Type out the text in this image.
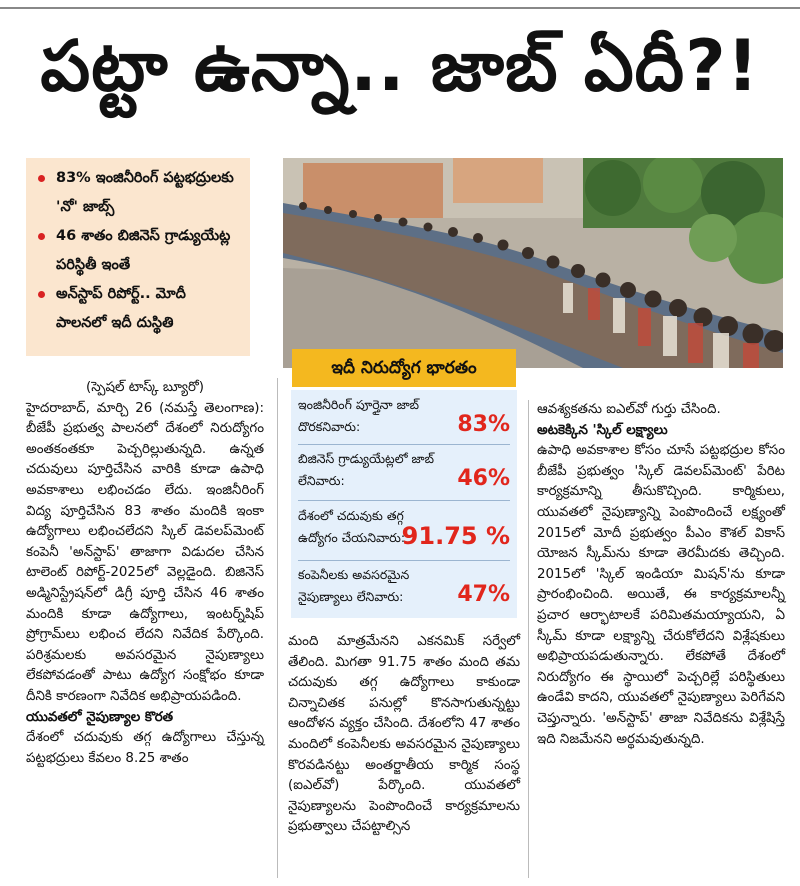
పట్టా ఉన్నా.. జాబ్ ఏదీ?!

83% ఇంజినీరింగ్ పట్టభద్రులకు 'నో' జాబ్స్

46 శాతం బిజినెస్ గ్రాడ్యుయేట్ల పరిస్థితీ ఇంతే

అన్‌స్టాప్ రిపోర్ట్.. మోదీ పాలనలో ఇదీ దుస్థితి

ఇదీ నిరుద్యోగ భారతం
ఇంజినీరింగ్ పూర్తైనా జాబ్ దొరకనివారు:	83%
బిజినెస్ గ్రాడ్యుయేట్లలో జాబ్ లేనివారు:	46%
దేశంలో చదువుకు తగ్గ ఉద్యోగం చేయనివారు:
91.75 %
కంపెనీలకు అవసరమైన నైపుణ్యాలు లేనివారు:	47%

(స్పెషల్ టాస్క్ బ్యూరో)

హైదరాబాద్, మార్చి 26 (నమస్తే తెలంగాణ): బీజేపీ ప్రభుత్వ పాలనలో దేశంలో నిరుద్యోగం అంతకంతకూ పెచ్చరిల్లుతున్నది. ఉన్నత చదువులు పూర్తిచేసిన వారికి కూడా ఉపాధి అవకాశాలు లభించడం లేదు. ఇంజినీరింగ్ విద్య పూర్తిచేసిన 83 శాతం మందికి ఇంకా ఉద్యోగాలు లభించలేదని స్కిల్ డెవలప్‌మెంట్ కంపెనీ 'అన్‌స్టాప్' తాజాగా విడుదల చేసిన టాలెంట్ రిపోర్ట్-2025లో వెల్లడైంది. బిజినెస్ అడ్మినిస్ట్రేషన్‌లో డిగ్రీ పూర్తి చేసిన 46 శాతం మందికి కూడా ఉద్యోగాలు, ఇంటర్న్‌షిప్ ప్రోగ్రామ్‌లు లభించ లేదని నివేదిక పేర్కొంది. పరిశ్రమలకు అవసరమైన నైపుణ్యాలు లేకపోవడంతో పాటు ఉద్యోగ సంక్షోభం కూడా దీనికి కారణంగా నివేదిక అభిప్రాయపడింది.

యువతలో నైపుణ్యాల కొరత

దేశంలో చదువుకు తగ్గ ఉద్యోగాలు చేస్తున్న పట్టభద్రులు కేవలం 8.25 శాతం

మంది మాత్రమేనని ఎకనమిక్ సర్వేలో తేలింది. మిగతా 91.75 శాతం మంది తమ చదువుకు తగ్గ ఉద్యోగాలు కాకుండా చిన్నాచితక పనుల్లో కొనసాగుతున్నట్టు ఆందోళన వ్యక్తం చేసింది. దేశంలోని 47 శాతం మందిలో కంపెనీలకు అవసరమైన నైపుణ్యాలు కొరవడినట్టు అంతర్జాతీయ కార్మిక సంస్థ (ఐఎల్‌వో) పేర్కొంది. యువతలో నైపుణ్యాలను పెంపొందించే కార్యక్రమాలను ప్రభుత్వాలు చేపట్టాల్సిన

ఆవశ్యకతను ఐఎల్‌వో గుర్తు చేసింది.

అటకెక్కిన 'స్కిల్ లక్ష్యాలు

ఉపాధి అవకాశాల కోసం చూసే పట్టభద్రుల కోసం బీజేపీ ప్రభుత్వం 'స్కిల్ డెవలప్‌మెంట్' పేరిట కార్యక్రమాన్ని తీసుకొచ్చింది. కార్మికులు, యువతలో నైపుణ్యాన్ని పెంపొందించే లక్ష్యంతో 2015లో మోదీ ప్రభుత్వం పీఎం కౌశల్ వికాస్ యోజన స్కీమ్‌ను కూడా తెరమీదకు తెచ్చింది. 2015లో 'స్కిల్ ఇండియా మిషన్'ను కూడా ప్రారంభించింది. అయితే, ఈ కార్యక్రమాలన్నీ ప్రచార ఆర్భాటాలకే పరిమితమయ్యాయని, ఏ స్కీమ్ కూడా లక్ష్యాన్ని చేరుకోలేదని విశ్లేషకులు అభిప్రాయపడుతున్నారు. లేకపోతే దేశంలో నిరుద్యోగం ఈ స్థాయిలో పెచ్చరిల్లే పరిస్థితులు ఉండేవి కాదని, యువతలో నైపుణ్యాలు పెరిగేవని చెప్తున్నారు. 'అన్‌స్టాప్' తాజా నివేదికను విశ్లేషిస్తే ఇది నిజమేనని అర్థమవుతున్నది.
